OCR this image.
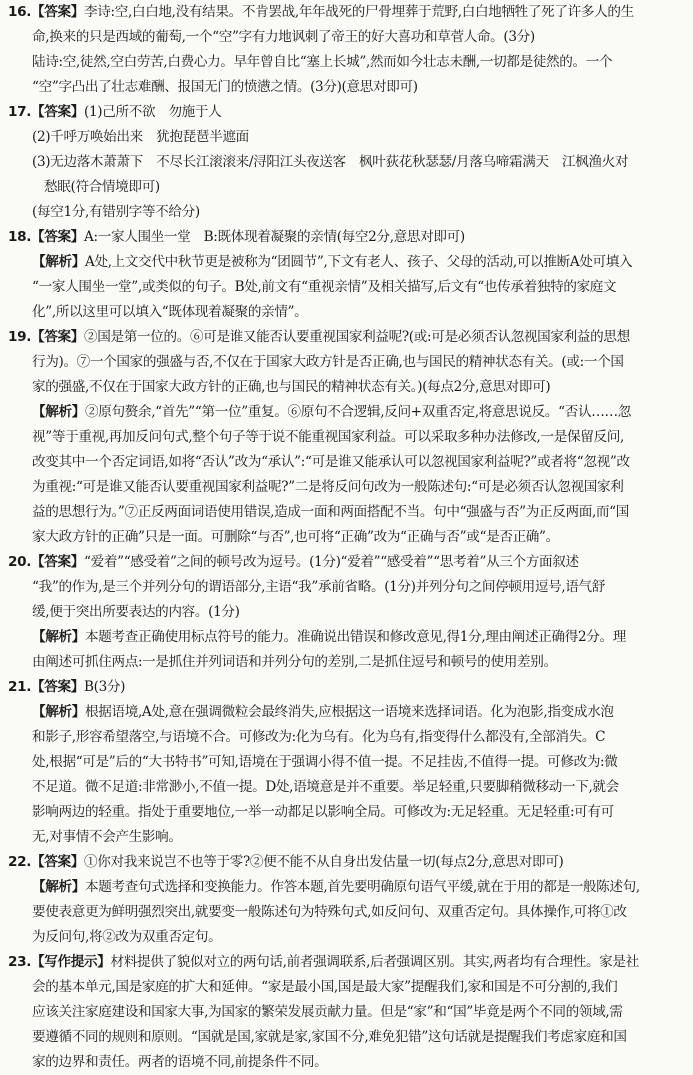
16.【答案】李诗:空,白白地,没有结果。不肯罢战,年年战死的尸骨埋葬于荒野,白白地牺牲了死了许多人的生
命,换来的只是西域的葡萄,一个“空”字有力地讽刺了帝王的好大喜功和草菅人命。(3分)
陆诗:空,徒然,空白劳苦,白费心力。早年曾自比“塞上长城”,然而如今壮志未酬,一切都是徒然的。一个
“空”字凸出了壮志难酬、报国无门的愤懑之情。(3分)(意思对即可)
17.【答案】(1)己所不欲　勿施于人
(2)千呼万唤始出来　犹抱琵琶半遮面
(3)无边落木萧萧下　不尽长江滚滚来/浔阳江头夜送客　枫叶荻花秋瑟瑟/月落乌啼霜满天　江枫渔火对
愁眠(符合情境即可)
(每空1分,有错别字等不给分)
18.【答案】A:一家人围坐一堂　B:既体现着凝聚的亲情(每空2分,意思对即可)
【解析】A处,上文交代中秋节更是被称为“团圆节”,下文有老人、孩子、父母的活动,可以推断A处可填入
“一家人围坐一堂”,或类似的句子。B处,前文有“重视亲情”及相关描写,后文有“也传承着独特的家庭文
化”,所以这里可以填入“既体现着凝聚的亲情”。
19.【答案】②国是第一位的。⑥可是谁又能否认要重视国家利益呢?(或:可是必须否认忽视国家利益的思想
行为)。⑦一个国家的强盛与否,不仅在于国家大政方针是否正确,也与国民的精神状态有关。(或:一个国
家的强盛,不仅在于国家大政方针的正确,也与国民的精神状态有关。)(每点2分,意思对即可)
【解析】②原句赘余,“首先”“第一位”重复。⑥原句不合逻辑,反问+双重否定,将意思说反。“否认……忽
视”等于重视,再加反问句式,整个句子等于说不能重视国家利益。可以采取多种办法修改,一是保留反问,
改变其中一个否定词语,如将“否认”改为“承认”:“可是谁又能承认可以忽视国家利益呢?”或者将“忽视”改
为重视:“可是谁又能否认要重视国家利益呢?”二是将反问句改为一般陈述句:“可是必须否认忽视国家利
益的思想行为。”⑦正反两面词语使用错误,造成一面和两面搭配不当。句中“强盛与否”为正反两面,而“国
家大政方针的正确”只是一面。可删除“与否”,也可将“正确”改为“正确与否”或“是否正确”。
20.【答案】“爱着”“感受着”之间的顿号改为逗号。(1分)“爱着”“感受着”“思考着”从三个方面叙述
“我”的作为,是三个并列分句的谓语部分,主语“我”承前省略。(1分)并列分句之间停顿用逗号,语气舒
缓,便于突出所要表达的内容。(1分)
【解析】本题考查正确使用标点符号的能力。准确说出错误和修改意见,得1分,理由阐述正确得2分。理
由阐述可抓住两点:一是抓住并列词语和并列分句的差别,二是抓住逗号和顿号的使用差别。
21.【答案】B(3分)
【解析】根据语境,A处,意在强调微粒会最终消失,应根据这一语境来选择词语。化为泡影,指变成水泡
和影子,形容希望落空,与语境不合。可修改为:化为乌有。化为乌有,指变得什么都没有,全部消失。C
处,根据“可是”后的“大书特书”可知,语境在于强调小得不值一提。不足挂齿,不值得一提。可修改为:微
不足道。微不足道:非常渺小,不值一提。D处,语境意是并不重要。举足轻重,只要脚稍微移动一下,就会
影响两边的轻重。指处于重要地位,一举一动都足以影响全局。可修改为:无足轻重。无足轻重:可有可
无,对事情不会产生影响。
22.【答案】①你对我来说岂不也等于零?②便不能不从自身出发估量一切(每点2分,意思对即可)
【解析】本题考查句式选择和变换能力。作答本题,首先要明确原句语气平缓,就在于用的都是一般陈述句,
要使表意更为鲜明强烈突出,就要变一般陈述句为特殊句式,如反问句、双重否定句。具体操作,可将①改
为反问句,将②改为双重否定句。
23.【写作提示】材料提供了貌似对立的两句话,前者强调联系,后者强调区别。其实,两者均有合理性。家是社
会的基本单元,国是家庭的扩大和延伸。“家是最小国,国是最大家”提醒我们,家和国是不可分割的,我们
应该关注家庭建设和国家大事,为国家的繁荣发展贡献力量。但是“家”和“国”毕竟是两个不同的领域,需
要遵循不同的规则和原则。“国就是国,家就是家,家国不分,难免犯错”这句话就是提醒我们考虑家庭和国
家的边界和责任。两者的语境不同,前提条件不同。
